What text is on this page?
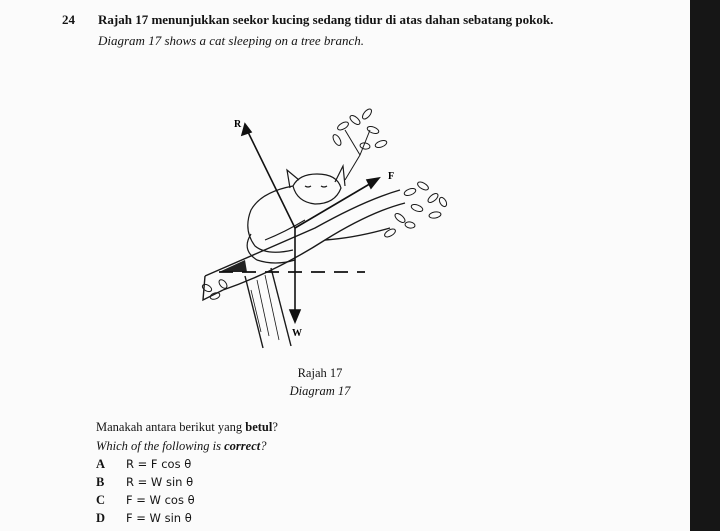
24 Rajah 17 menunjukkan seekor kucing sedang tidur di atas dahan sebatang pokok.
Diagram 17 shows a cat sleeping on a tree branch.
R
F
W
Rajah 17
Diagram 17
Manakah antara berikut yang betul?
Which of the following is correct?
A R = F cos θ
B R = W sin θ
C F = W cos θ
D F = W sin θ
